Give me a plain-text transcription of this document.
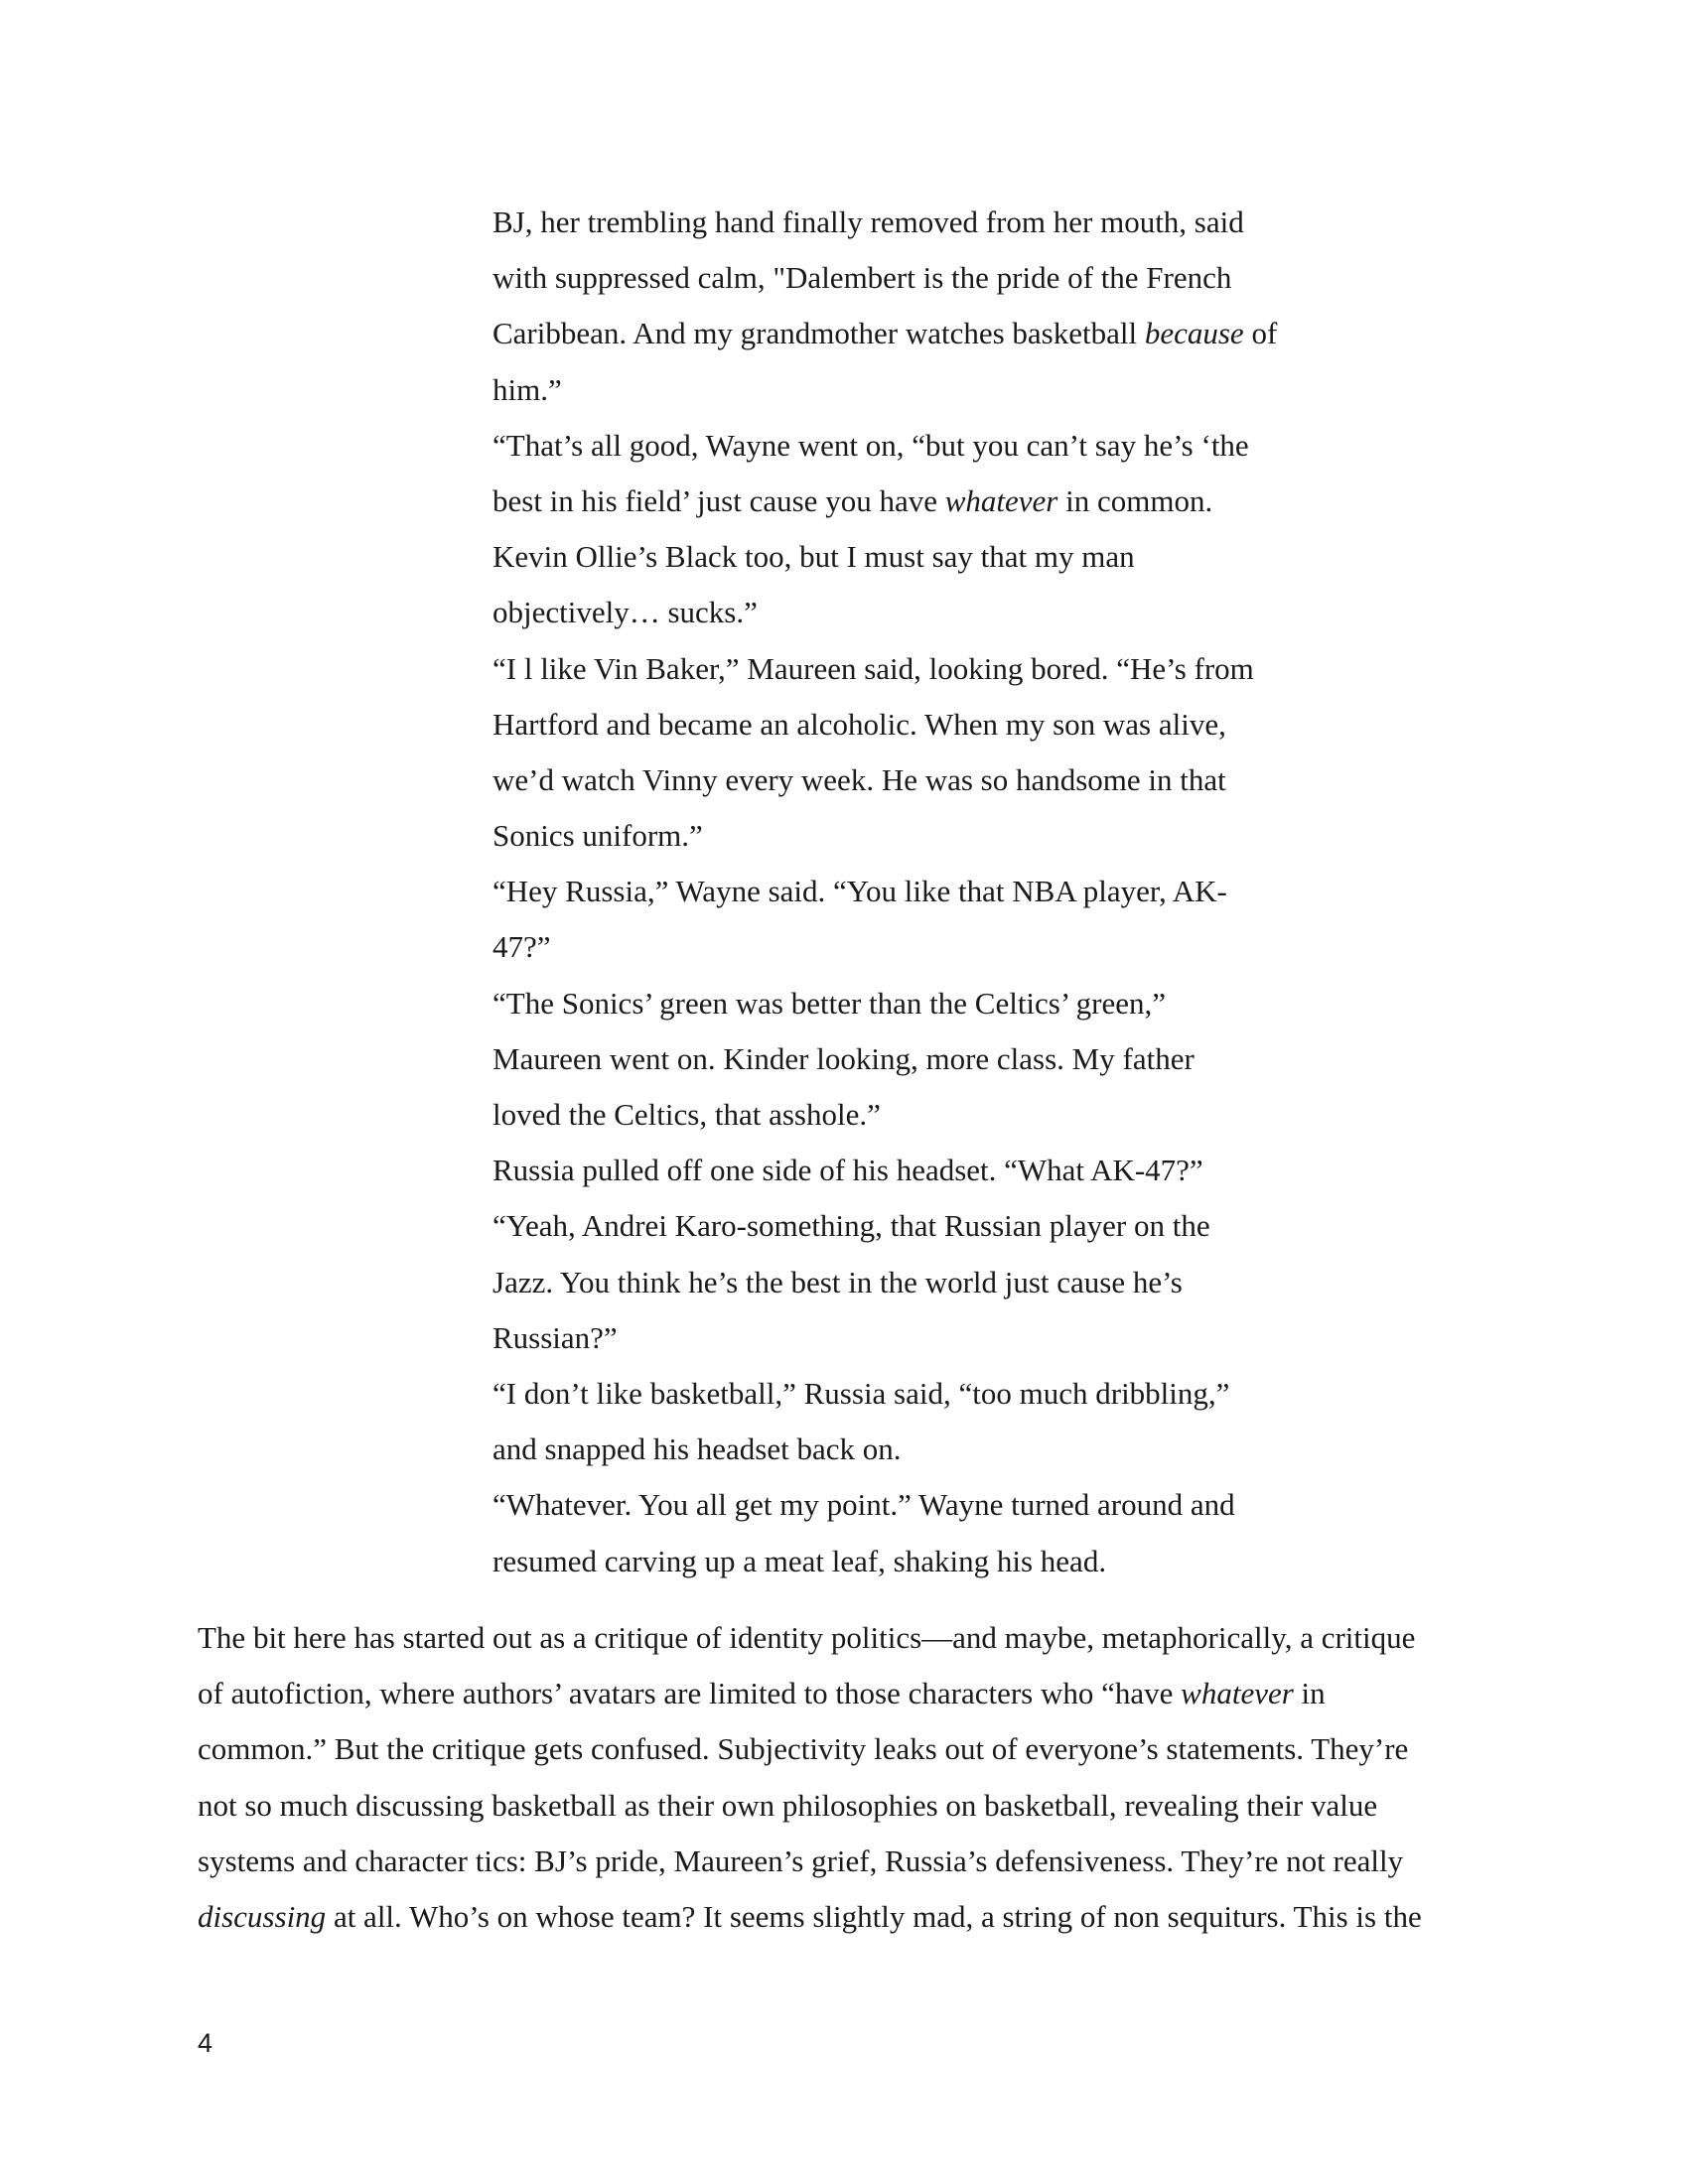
BJ, her trembling hand finally removed from her mouth, said
with suppressed calm, "Dalembert is the pride of the French
Caribbean. And my grandmother watches basketball because of
him.”
“That’s all good, Wayne went on, “but you can’t say he’s ‘the
best in his field’ just cause you have whatever in common.
Kevin Ollie’s Black too, but I must say that my man
objectively… sucks.”
“I l like Vin Baker,” Maureen said, looking bored. “He’s from
Hartford and became an alcoholic. When my son was alive,
we’d watch Vinny every week. He was so handsome in that
Sonics uniform.”
“Hey Russia,” Wayne said. “You like that NBA player, AK-
47?”
“The Sonics’ green was better than the Celtics’ green,”
Maureen went on. Kinder looking, more class. My father
loved the Celtics, that asshole.”
Russia pulled off one side of his headset. “What AK-47?”
“Yeah, Andrei Karo-something, that Russian player on the
Jazz. You think he’s the best in the world just cause he’s
Russian?”
“I don’t like basketball,” Russia said, “too much dribbling,”
and snapped his headset back on.
“Whatever. You all get my point.” Wayne turned around and
resumed carving up a meat leaf, shaking his head.
The bit here has started out as a critique of identity politics—and maybe, metaphorically, a critique
of autofiction, where authors’ avatars are limited to those characters who “have whatever in
common.” But the critique gets confused. Subjectivity leaks out of everyone’s statements. They’re
not so much discussing basketball as their own philosophies on basketball, revealing their value
systems and character tics: BJ’s pride, Maureen’s grief, Russia’s defensiveness. They’re not really
discussing at all. Who’s on whose team? It seems slightly mad, a string of non sequiturs. This is the
4
